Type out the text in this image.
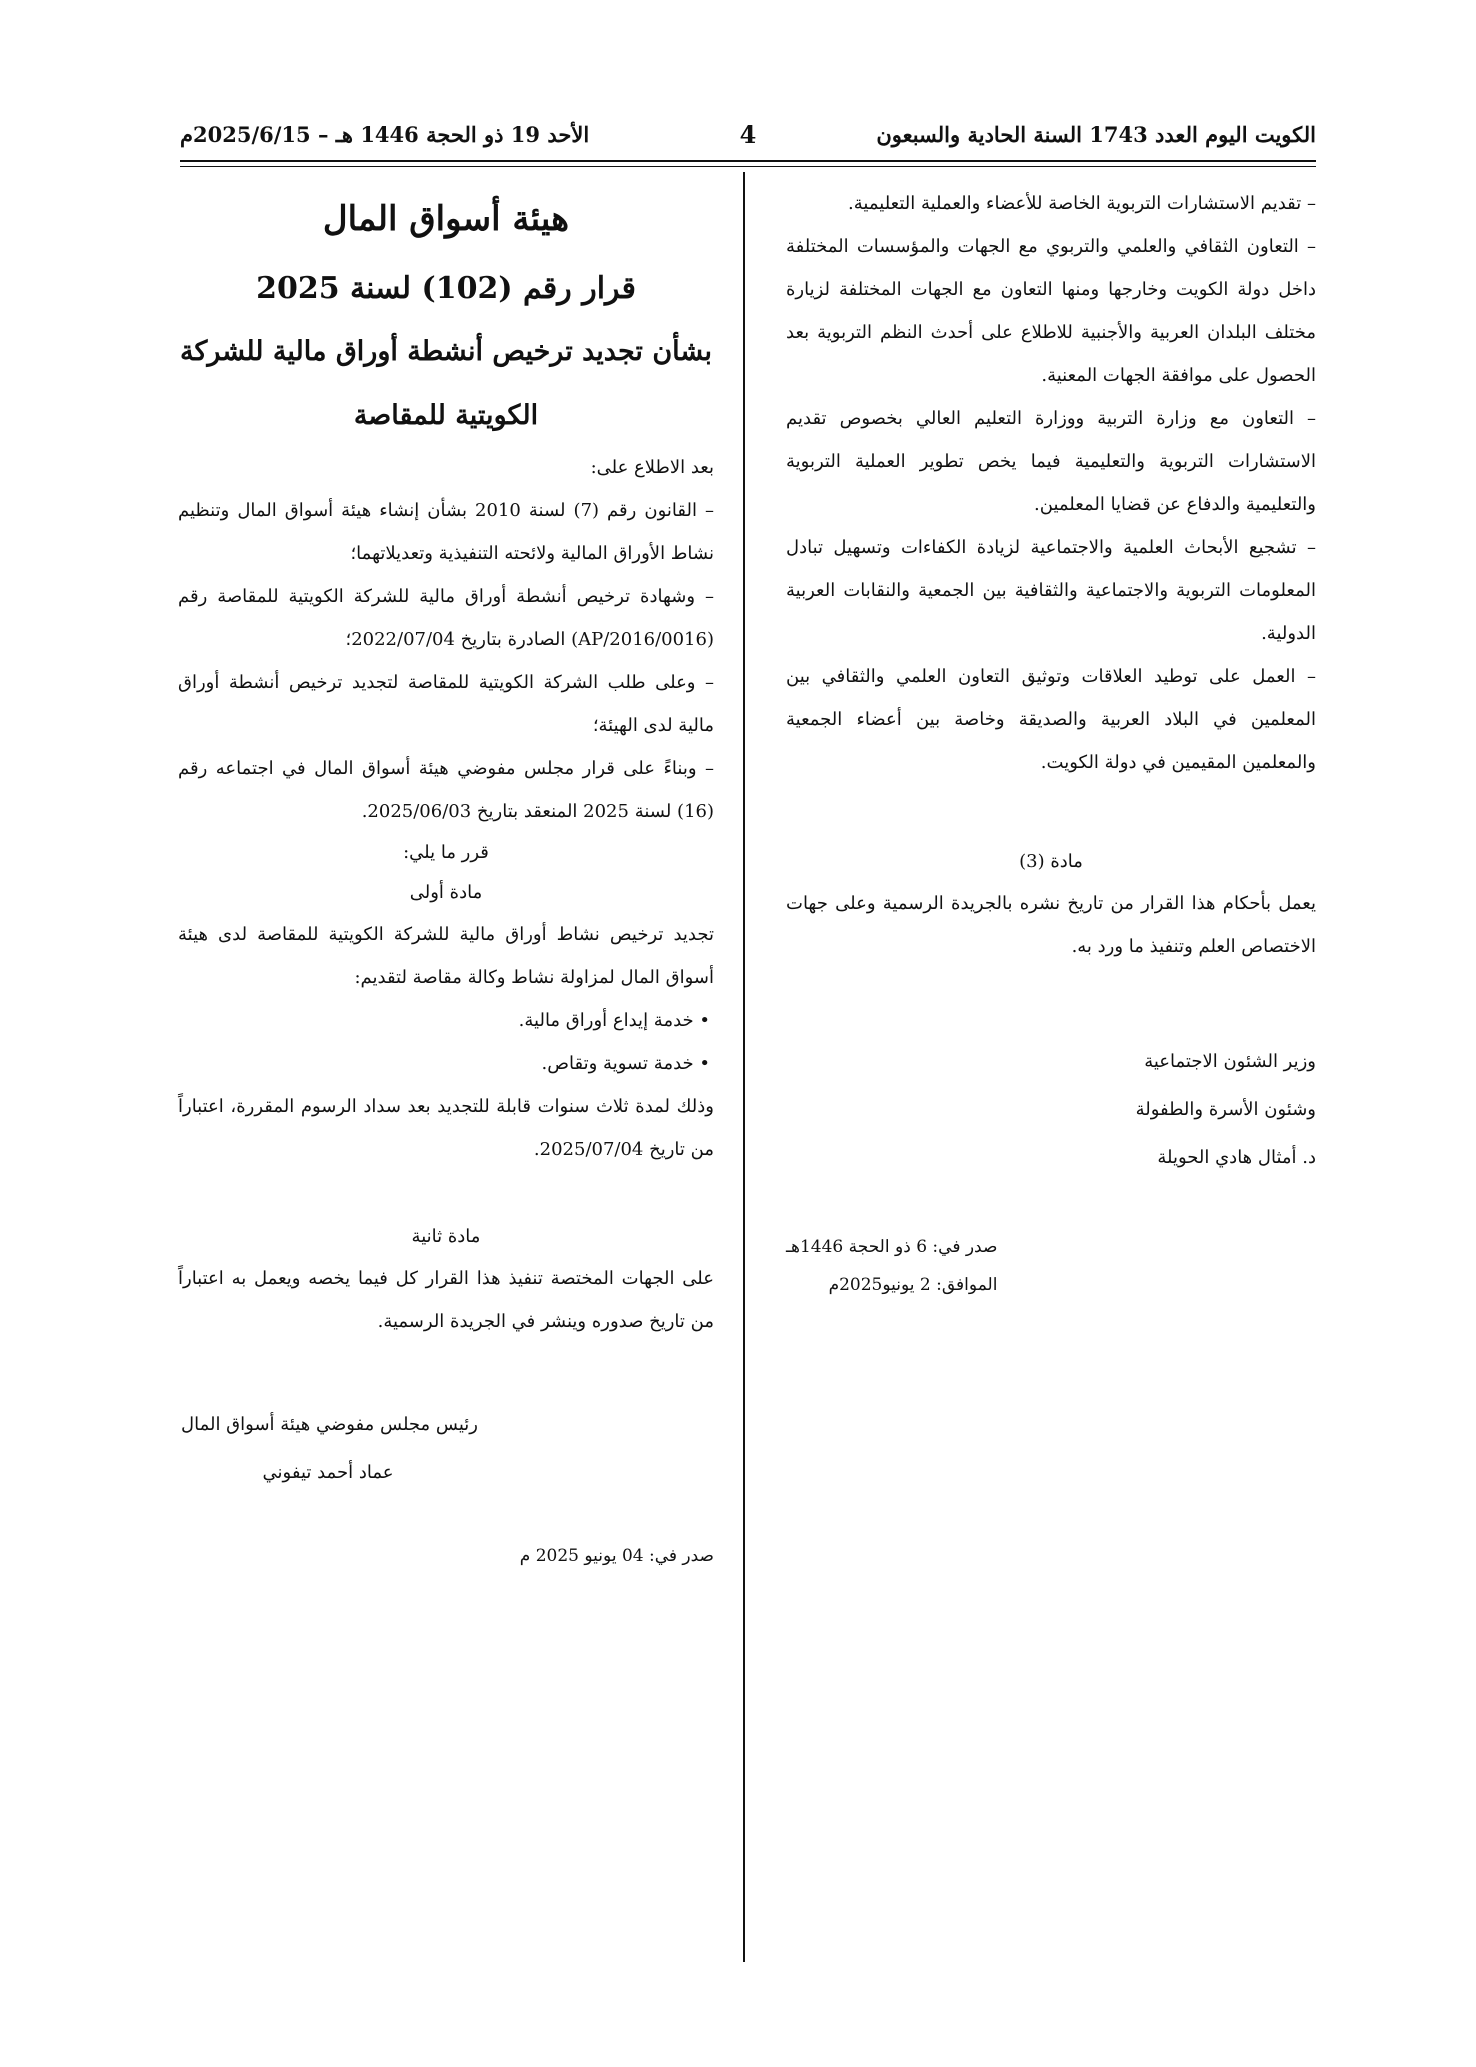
الكويت اليوم العدد 1743 السنة الحادية والسبعون
4
الأحد 19 ذو الحجة 1446 هـ – 2025/6/15م

– تقديم الاستشارات التربوية الخاصة للأعضاء والعملية التعليمية.

– التعاون الثقافي والعلمي والتربوي مع الجهات والمؤسسات المختلفة داخل دولة الكويت وخارجها ومنها التعاون مع الجهات المختلفة لزيارة مختلف البلدان العربية والأجنبية للاطلاع على أحدث النظم التربوية بعد الحصول على موافقة الجهات المعنية.

– التعاون مع وزارة التربية ووزارة التعليم العالي بخصوص تقديم الاستشارات التربوية والتعليمية فيما يخص تطوير العملية التربوية والتعليمية والدفاع عن قضايا المعلمين.

– تشجيع الأبحاث العلمية والاجتماعية لزيادة الكفاءات وتسهيل تبادل المعلومات التربوية والاجتماعية والثقافية بين الجمعية والنقابات العربية الدولية.

– العمل على توطيد العلاقات وتوثيق التعاون العلمي والثقافي بين المعلمين في البلاد العربية والصديقة وخاصة بين أعضاء الجمعية والمعلمين المقيمين في دولة الكويت.

مادة (3)

يعمل بأحكام هذا القرار من تاريخ نشره بالجريدة الرسمية وعلى جهات الاختصاص العلم وتنفيذ ما ورد به.

وزير الشئون الاجتماعية

وشئون الأسرة والطفولة

د. أمثال هادي الحويلة

صدر في: 6 ذو الحجة 1446هـ

الموافق: 2 يونيو2025م

هيئة أسواق المال

قرار رقم (102) لسنة 2025

بشأن تجديد ترخيص أنشطة أوراق مالية للشركة

الكويتية للمقاصة

بعد الاطلاع على:

– القانون رقم (7) لسنة 2010 بشأن إنشاء هيئة أسواق المال وتنظيم نشاط الأوراق المالية ولائحته التنفيذية وتعديلاتهما؛

– وشهادة ترخيص أنشطة أوراق مالية للشركة الكويتية للمقاصة رقم (AP/2016/0016) الصادرة بتاريخ 2022/07/04؛

– وعلى طلب الشركة الكويتية للمقاصة لتجديد ترخيص أنشطة أوراق مالية لدى الهيئة؛

– وبناءً على قرار مجلس مفوضي هيئة أسواق المال في اجتماعه رقم (16) لسنة 2025 المنعقد بتاريخ 2025/06/03.

قرر ما يلي:

مادة أولى

تجديد ترخيص نشاط أوراق مالية للشركة الكويتية للمقاصة لدى هيئة أسواق المال لمزاولة نشاط وكالة مقاصة لتقديم:

• خدمة إيداع أوراق مالية.

• خدمة تسوية وتقاص.

وذلك لمدة ثلاث سنوات قابلة للتجديد بعد سداد الرسوم المقررة، اعتباراً من تاريخ 2025/07/04.

مادة ثانية

على الجهات المختصة تنفيذ هذا القرار كل فيما يخصه ويعمل به اعتباراً من تاريخ صدوره وينشر في الجريدة الرسمية.

رئيس مجلس مفوضي هيئة أسواق المال

عماد أحمد تيفوني

صدر في: 04 يونيو 2025 م
